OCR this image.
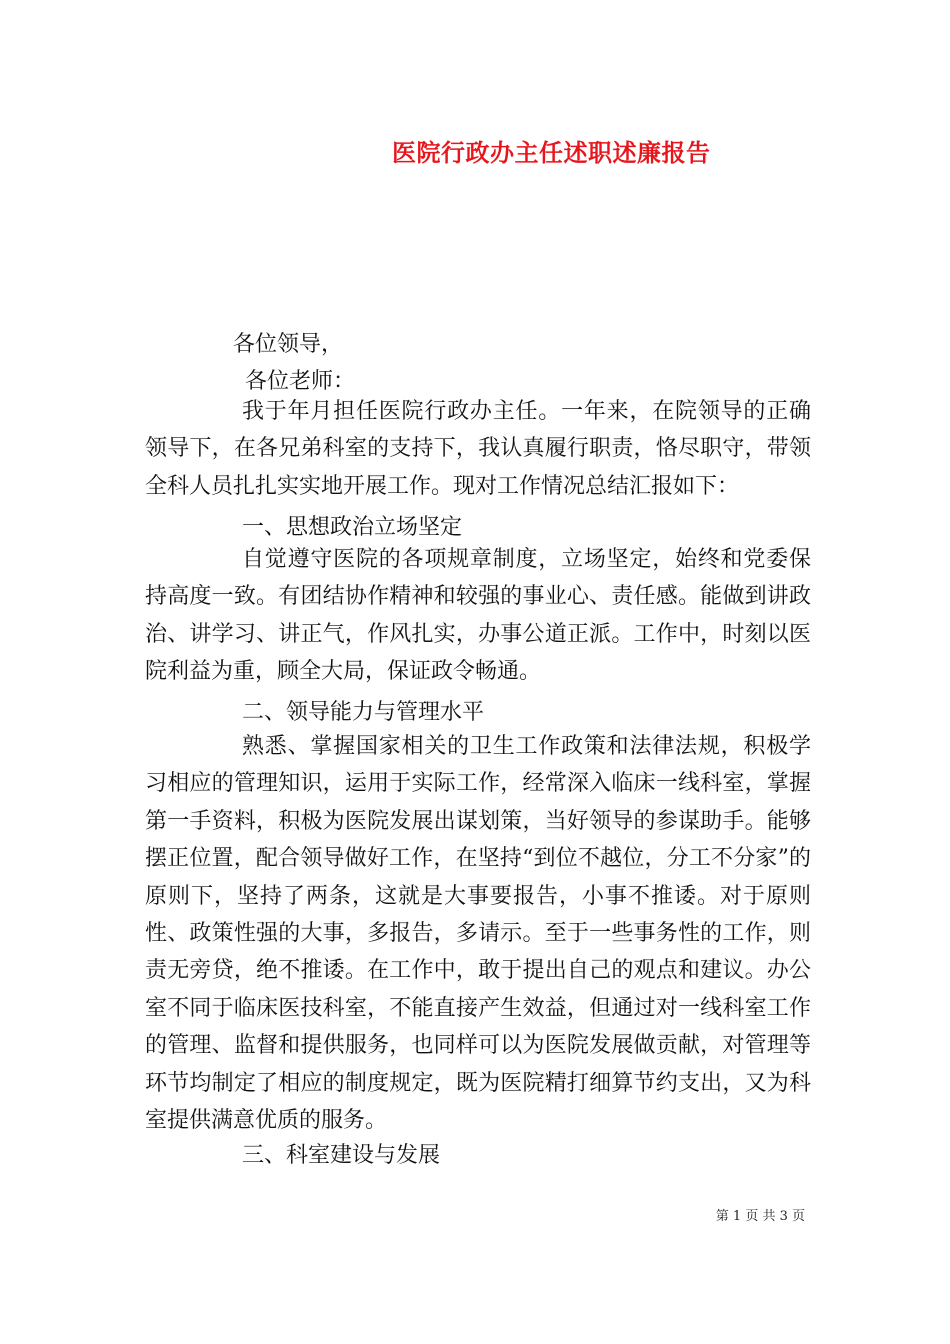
医院行政办主任述职述廉报告
各位领导，
各位老师：

我于年月担任医院行政办主任。一年来，在院领导的正确领导下，在各兄弟科室的支持下，我认真履行职责，恪尽职守，带领全科人员扎扎实实地开展工作。现对工作情况总结汇报如下：

一、思想政治立场坚定

自觉遵守医院的各项规章制度，立场坚定，始终和党委保持高度一致。有团结协作精神和较强的事业心、责任感。能做到讲政治、讲学习、讲正气，作风扎实，办事公道正派。工作中，时刻以医院利益为重，顾全大局，保证政令畅通。

二、领导能力与管理水平

熟悉、掌握国家相关的卫生工作政策和法律法规，积极学习相应的管理知识，运用于实际工作，经常深入临床一线科室，掌握第一手资料，积极为医院发展出谋划策，当好领导的参谋助手。能够摆正位置，配合领导做好工作，在坚持“到位不越位，分工不分家”的原则下，坚持了两条，这就是大事要报告，小事不推诿。对于原则性、政策性强的大事，多报告，多请示。至于一些事务性的工作，则责无旁贷，绝不推诿。在工作中，敢于提出自己的观点和建议。办公室不同于临床医技科室，不能直接产生效益，但通过对一线科室工作的管理、监督和提供服务，也同样可以为医院发展做贡献，对管理等环节均制定了相应的制度规定，既为医院精打细算节约支出，又为科室提供满意优质的服务。

三、科室建设与发展
第 1 页 共 3 页
